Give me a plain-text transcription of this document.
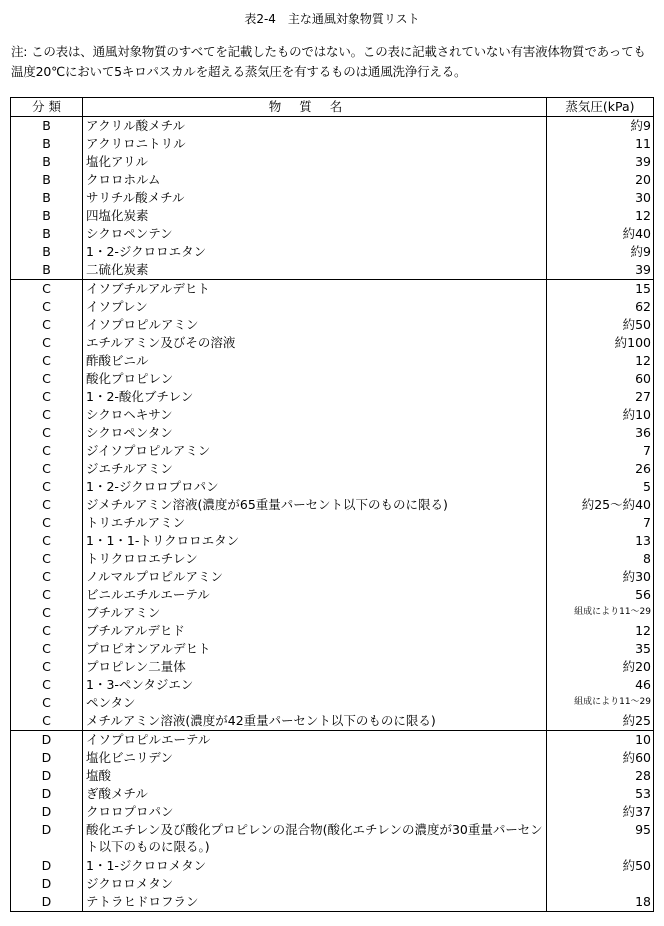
表2-4　主な通風対象物質リスト
注: この表は、通風対象物質のすべてを記載したものではない。この表に記載されていない有害液体物質であっても温度20℃において5キロパスカルを超える蒸気圧を有するものは通風洗浄行える。
分 類	物質名	蒸気圧(kPa)
B	アクリル酸メチル	約9
B	アクリロニトリル	11
B	塩化アリル	39
B	クロロホルム	20
B	サリチル酸メチル	30
B	四塩化炭素	12
B	シクロペンテン	約40
B	1・2-ジクロロエタン	約9
B	二硫化炭素	39
C	イソブチルアルデヒト	15
C	イソプレン	62
C	イソプロピルアミン	約50
C	エチルアミン及びその溶液	約100
C	酢酸ビニル	12
C	酸化プロピレン	60
C	1・2-酸化ブチレン	27
C	シクロヘキサン	約10
C	シクロペンタン	36
C	ジイソプロピルアミン	7
C	ジエチルアミン	26
C	1・2-ジクロロプロパン	5
C	ジメチルアミン溶液(濃度が65重量パーセント以下のものに限る)	約25～約40
C	トリエチルアミン	7
C	1・1・1-トリクロロエタン	13
C	トリクロロエチレン	8
C	ノルマルプロピルアミン	約30
C	ビニルエチルエーテル	56
C	ブチルアミン	組成により11～29
C	ブチルアルデヒド	12
C	プロピオンアルデヒト	35
C	プロピレン二量体	約20
C	1・3-ペンタジエン	46
C	ペンタン	組成により11～29
C	メチルアミン溶液(濃度が42重量パーセント以下のものに限る)	約25
D	イソプロピルエーテル	10
D	塩化ビニリデン	約60
D	塩酸	28
D	ぎ酸メチル	53
D	クロロプロパン	約37
D	酸化エチレン及び酸化プロピレンの混合物(酸化エチレンの濃度が30重量パーセント以下のものに限る。)	95
D	1・1-ジクロロメタン	約50
D	ジクロロメタン	
D	テトラヒドロフラン	18
